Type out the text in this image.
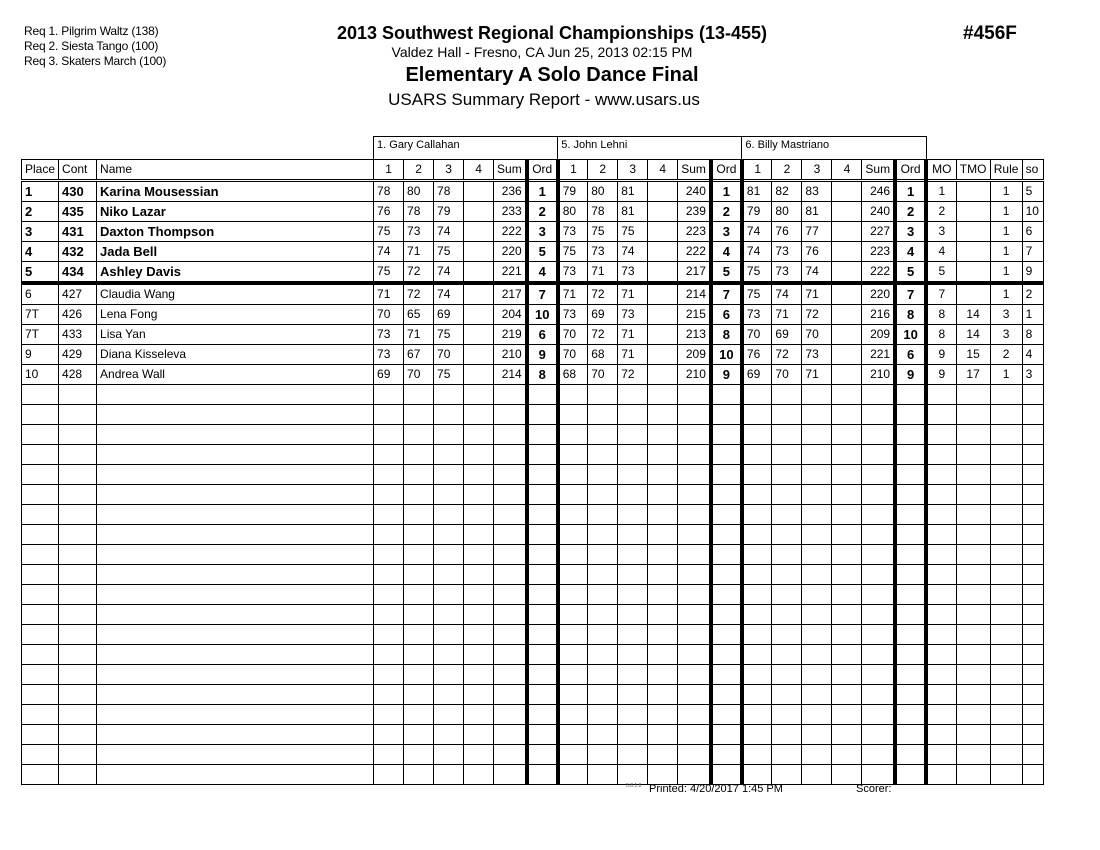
Req 1. Pilgrim Waltz (138)
Req 2. Siesta Tango (100)
Req 3. Skaters March (100)
2013 Southwest Regional Championships (13-455)
Valdez Hall - Fresno, CA Jun 25, 2013 02:15 PM
Elementary A Solo Dance Final
USARS Summary Report - www.usars.us
#456F
			1. Gary Callahan						5. John Lehni						6. Billy Mastriano									
Place	Cont	Name	1	2	3	4	Sum	Ord	1	2	3	4	Sum	Ord	1	2	3	4	Sum	Ord	MO	TMO	Rule	so
1	430	Karina Mousessian	78	80	78		236	1	79	80	81		240	1	81	82	83		246	1	1		1	5
2	435	Niko Lazar	76	78	79		233	2	80	78	81		239	2	79	80	81		240	2	2		1	10
3	431	Daxton Thompson	75	73	74		222	3	73	75	75		223	3	74	76	77		227	3	3		1	6
4	432	Jada Bell	74	71	75		220	5	75	73	74		222	4	74	73	76		223	4	4		1	7
5	434	Ashley Davis	75	72	74		221	4	73	71	73		217	5	75	73	74		222	5	5		1	9
6	427	Claudia Wang	71	72	74		217	7	71	72	71		214	7	75	74	71		220	7	7		1	2
7T	426	Lena Fong	70	65	69		204	10	73	69	73		215	6	73	71	72		216	8	8	14	3	1
7T	433	Lisa Yan	73	71	75		219	6	70	72	71		213	8	70	69	70		209	10	8	14	3	8
9	429	Diana Kisseleva	73	67	70		210	9	70	68	71		209	10	76	72	73		221	6	9	15	2	4
10	428	Andrea Wall	69	70	75		214	8	68	70	72		210	9	69	70	71		210	9	9	17	1	3

3.8.1.8 Printed: 4/20/2017 1:45 PM	Scorer:
